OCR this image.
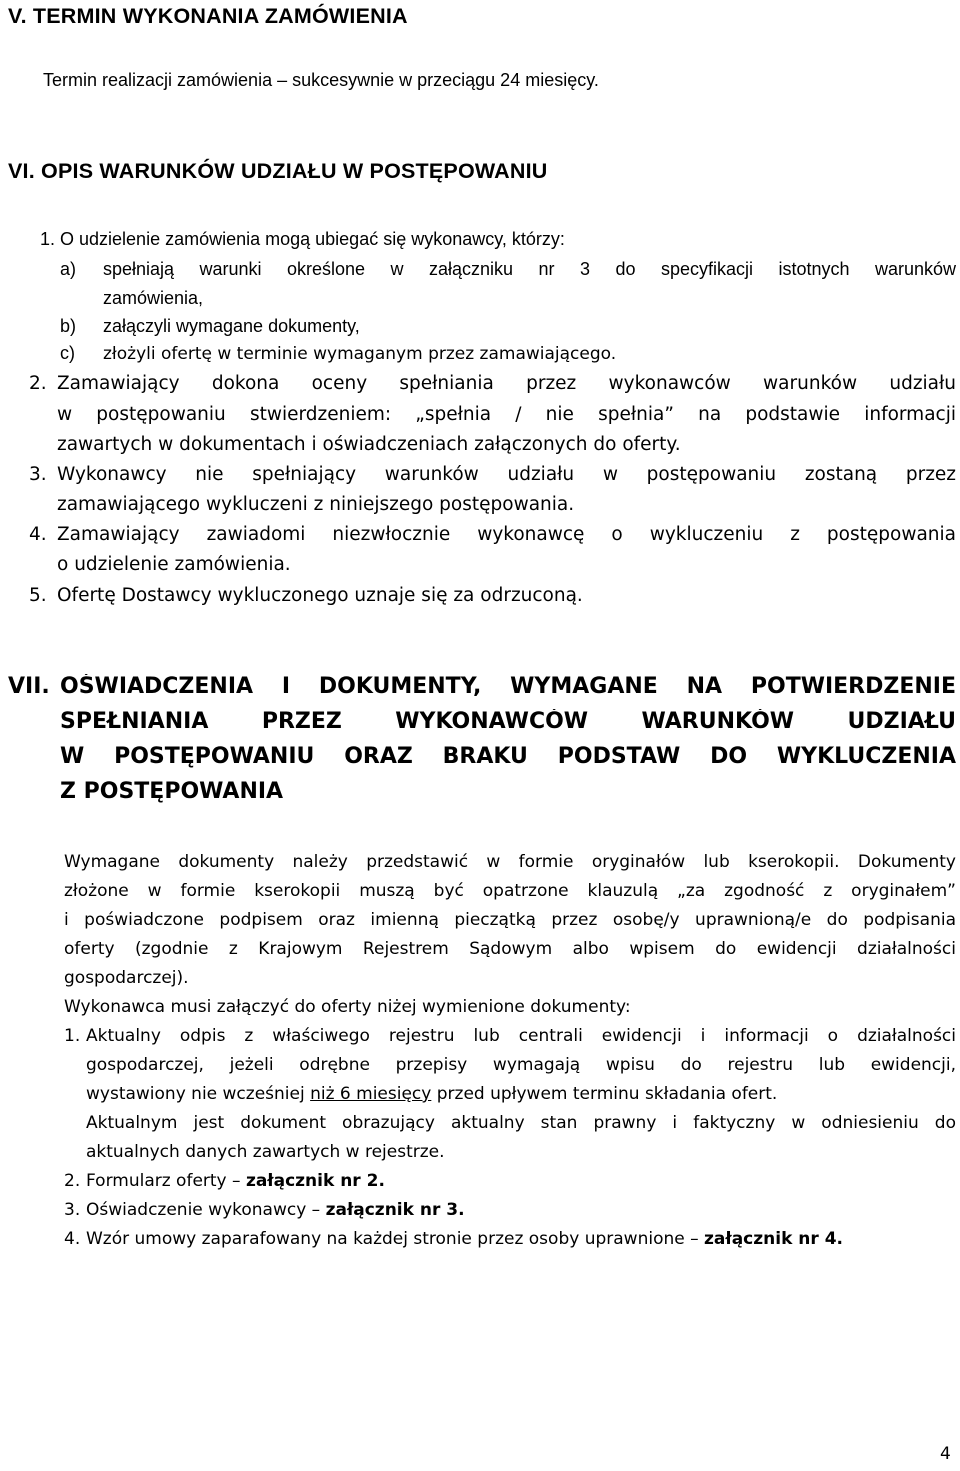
V. TERMIN WYKONANIA ZAMÓWIENIA
Termin realizacji zamówienia – sukcesywnie w przeciągu 24 miesięcy.
VI. OPIS WARUNKÓW UDZIAŁU W POSTĘPOWANIU
1. O udzielenie zamówienia mogą ubiegać się wykonawcy, którzy:
a) spełniają warunki określone w załączniku nr 3 do specyfikacji istotnych warunków
zamówienia,
b) załączyli wymagane dokumenty,
c) złożyli ofertę w terminie wymaganym przez zamawiającego.
2. Zamawiający dokona oceny spełniania przez wykonawców warunków udziału
w postępowaniu stwierdzeniem: „spełnia / nie spełnia” na podstawie informacji
zawartych w dokumentach i oświadczeniach załączonych do oferty.
3. Wykonawcy nie spełniający warunków udziału w postępowaniu zostaną przez
zamawiającego wykluczeni z niniejszego postępowania.
4. Zamawiający zawiadomi niezwłocznie wykonawcę o wykluczeniu z postępowania
o udzielenie zamówienia.
5. Ofertę Dostawcy wykluczonego uznaje się za odrzuconą.
VII. OŚWIADCZENIA I DOKUMENTY, WYMAGANE NA POTWIERDZENIE
SPEŁNIANIA PRZEZ WYKONAWCÓW WARUNKÓW UDZIAŁU
W POSTĘPOWANIU ORAZ BRAKU PODSTAW DO WYKLUCZENIA
Z POSTĘPOWANIA
Wymagane dokumenty należy przedstawić w formie oryginałów lub kserokopii. Dokumenty
złożone w formie kserokopii muszą być opatrzone klauzulą „za zgodność z oryginałem”
i poświadczone podpisem oraz imienną pieczątką przez osobę/y uprawnioną/e do podpisania
oferty (zgodnie z Krajowym Rejestrem Sądowym albo wpisem do ewidencji działalności
gospodarczej).
Wykonawca musi załączyć do oferty niżej wymienione dokumenty:
1. Aktualny odpis z właściwego rejestru lub centrali ewidencji i informacji o działalności
gospodarczej, jeżeli odrębne przepisy wymagają wpisu do rejestru lub ewidencji,
wystawiony nie wcześniej niż 6 miesięcy przed upływem terminu składania ofert.
Aktualnym jest dokument obrazujący aktualny stan prawny i faktyczny w odniesieniu do
aktualnych danych zawartych w rejestrze.
2. Formularz oferty – załącznik nr 2.
3. Oświadczenie wykonawcy – załącznik nr 3.
4. Wzór umowy zaparafowany na każdej stronie przez osoby uprawnione – załącznik nr 4.
4
